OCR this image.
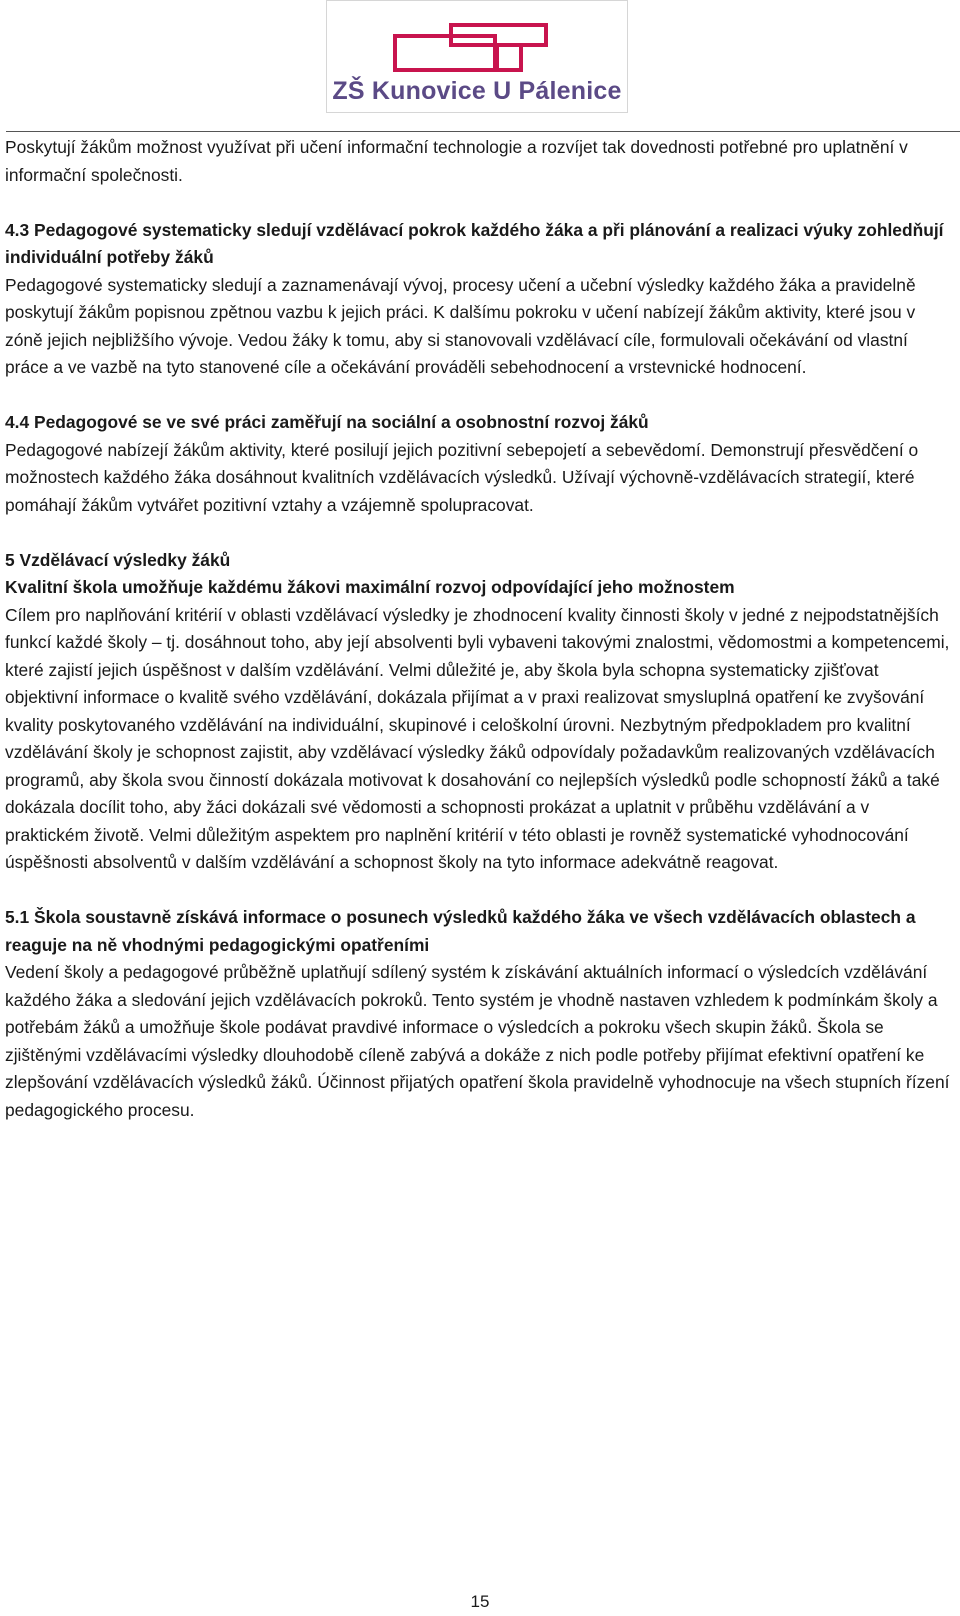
ZŠ Kunovice U Pálenice

Poskytují žákům možnost využívat při učení informační technologie a rozvíjet tak dovednosti potřebné pro uplatnění v informační společnosti.

4.3 Pedagogové systematicky sledují vzdělávací pokrok každého žáka a při plánování a realizaci výuky zohledňují individuální potřeby žáků
Pedagogové systematicky sledují a zaznamenávají vývoj, procesy učení a učební výsledky každého žáka a pravidelně poskytují žákům popisnou zpětnou vazbu k jejich práci. K dalšímu pokroku v učení nabízejí žákům aktivity, které jsou v zóně jejich nejbližšího vývoje. Vedou žáky k tomu, aby si stanovovali vzdělávací cíle, formulovali očekávání od vlastní práce a ve vazbě na tyto stanovené cíle a očekávání prováděli sebehodnocení a vrstevnické hodnocení.

4.4 Pedagogové se ve své práci zaměřují na sociální a osobnostní rozvoj žáků
Pedagogové nabízejí žákům aktivity, které posilují jejich pozitivní sebepojetí a sebevědomí. Demonstrují přesvědčení o možnostech každého žáka dosáhnout kvalitních vzdělávacích výsledků. Užívají výchovně-vzdělávacích strategií, které pomáhají žákům vytvářet pozitivní vztahy a vzájemně spolupracovat.

5 Vzdělávací výsledky žáků
Kvalitní škola umožňuje každému žákovi maximální rozvoj odpovídající jeho možnostem
Cílem pro naplňování kritérií v oblasti vzdělávací výsledky je zhodnocení kvality činnosti školy v jedné z nejpodstatnějších funkcí každé školy – tj. dosáhnout toho, aby její absolventi byli vybaveni takovými znalostmi, vědomostmi a kompetencemi, které zajistí jejich úspěšnost v dalším vzdělávání. Velmi důležité je, aby škola byla schopna systematicky zjišťovat objektivní informace o kvalitě svého vzdělávání, dokázala přijímat a v praxi realizovat smysluplná opatření ke zvyšování kvality poskytovaného vzdělávání na individuální, skupinové i celoškolní úrovni. Nezbytným předpokladem pro kvalitní vzdělávání školy je schopnost zajistit, aby vzdělávací výsledky žáků odpovídaly požadavkům realizovaných vzdělávacích programů, aby škola svou činností dokázala motivovat k dosahování co nejlepších výsledků podle schopností žáků a také dokázala docílit toho, aby žáci dokázali své vědomosti a schopnosti prokázat a uplatnit v průběhu vzdělávání a v praktickém životě. Velmi důležitým aspektem pro naplnění kritérií v této oblasti je rovněž systematické vyhodnocování úspěšnosti absolventů v dalším vzdělávání a schopnost školy na tyto informace adekvátně reagovat.

5.1 Škola soustavně získává informace o posunech výsledků každého žáka ve všech vzdělávacích oblastech a reaguje na ně vhodnými pedagogickými opatřeními
Vedení školy a pedagogové průběžně uplatňují sdílený systém k získávání aktuálních informací o výsledcích vzdělávání každého žáka a sledování jejich vzdělávacích pokroků. Tento systém je vhodně nastaven vzhledem k podmínkám školy a potřebám žáků a umožňuje škole podávat pravdivé informace o výsledcích a pokroku všech skupin žáků. Škola se zjištěnými vzdělávacími výsledky dlouhodobě cíleně zabývá a dokáže z nich podle potřeby přijímat efektivní opatření ke zlepšování vzdělávacích výsledků žáků. Účinnost přijatých opatření škola pravidelně vyhodnocuje na všech stupních řízení pedagogického procesu.

15
